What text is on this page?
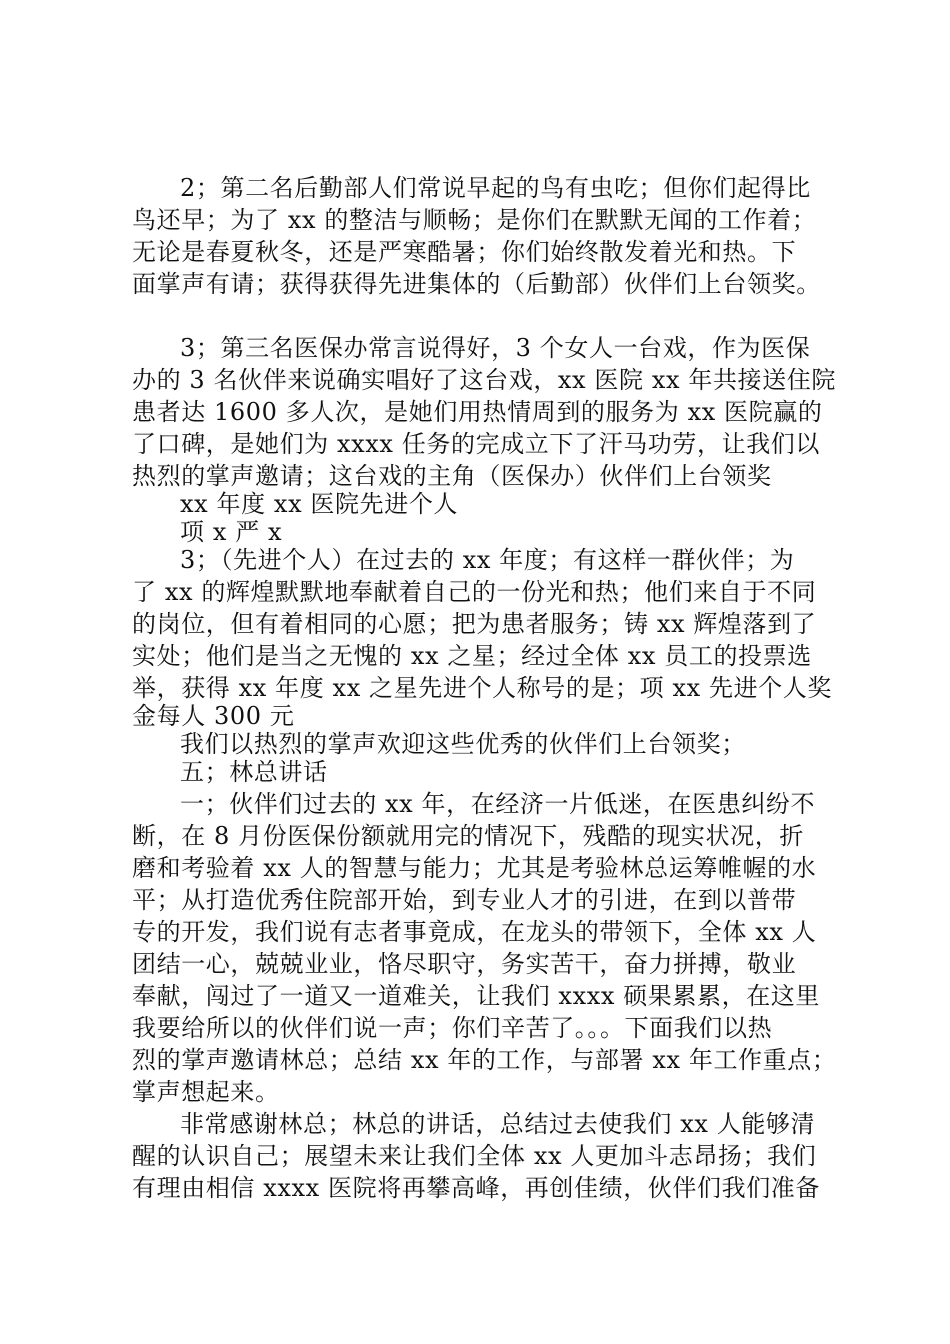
2；第二名后勤部人们常说早起的鸟有虫吃；但你们起得比
鸟还早；为了 xx 的整洁与顺畅；是你们在默默无闻的工作着；
无论是春夏秋冬，还是严寒酷暑；你们始终散发着光和热。下
面掌声有请；获得获得先进集体的（后勤部）伙伴们上台领奖。
3；第三名医保办常言说得好，3 个女人一台戏，作为医保
办的 3 名伙伴来说确实唱好了这台戏，xx 医院 xx 年共接送住院
患者达 1600 多人次，是她们用热情周到的服务为 xx 医院赢的
了口碑，是她们为 xxxx 任务的完成立下了汗马功劳，让我们以
热烈的掌声邀请；这台戏的主角（医保办）伙伴们上台领奖
xx 年度 xx 医院先进个人
项 x 严 x
3；（先进个人）在过去的 xx 年度；有这样一群伙伴；为
了 xx 的辉煌默默地奉献着自己的一份光和热；他们来自于不同
的岗位，但有着相同的心愿；把为患者服务；铸 xx 辉煌落到了
实处；他们是当之无愧的 xx 之星；经过全体 xx 员工的投票选
举，获得 xx 年度 xx 之星先进个人称号的是；项 xx 先进个人奖
金每人 300 元
我们以热烈的掌声欢迎这些优秀的伙伴们上台领奖；
五；林总讲话
一；伙伴们过去的 xx 年，在经济一片低迷，在医患纠纷不
断，在 8 月份医保份额就用完的情况下，残酷的现实状况，折
磨和考验着 xx 人的智慧与能力；尤其是考验林总运筹帷幄的水
平；从打造优秀住院部开始，到专业人才的引进，在到以普带
专的开发，我们说有志者事竟成，在龙头的带领下，全体 xx 人
团结一心，兢兢业业，恪尽职守，务实苦干，奋力拼搏，敬业
奉献，闯过了一道又一道难关，让我们 xxxx 硕果累累，在这里
我要给所以的伙伴们说一声；你们辛苦了。。。下面我们以热
烈的掌声邀请林总；总结 xx 年的工作，与部署 xx 年工作重点；
掌声想起来。
非常感谢林总；林总的讲话，总结过去使我们 xx 人能够清
醒的认识自己；展望未来让我们全体 xx 人更加斗志昂扬；我们
有理由相信 xxxx 医院将再攀高峰，再创佳绩，伙伴们我们准备
